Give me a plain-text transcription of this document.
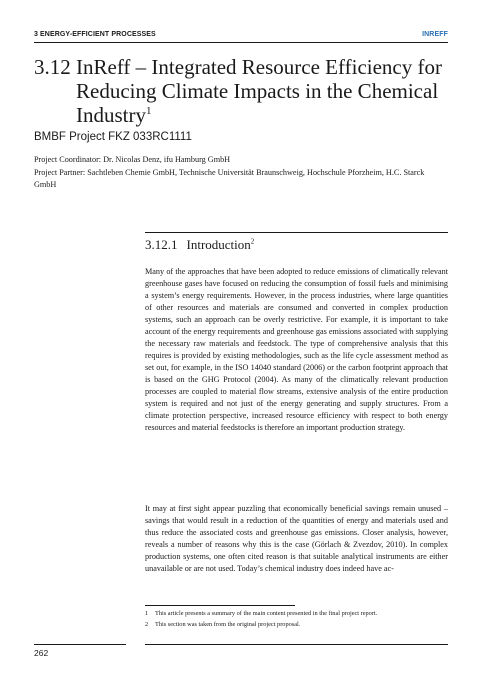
3 ENERGY-EFFICIENT PROCESSES	INREFF
3.12 InReff – Integrated Resource Efficiency for Reducing Climate Impacts in the Chemical Industry$^1$
BMBF Project FKZ 033RC1111
Project Coordinator: Dr. Nicolas Denz, ifu Hamburg GmbH
Project Partner: Sachtleben Chemie GmbH, Technische Universität Braunschweig, Hochschule Pforzheim, H.C. Starck GmbH
3.12.1 Introduction$^2$

Many of the approaches that have been adopted to reduce emissions of climatically relevant greenhouse gases have focused on reducing the consumption of fossil fuels and minimising a system’s energy requirements. However, in the process industries, where large quantities of other resources and materials are consumed and converted in complex production systems, such an approach can be overly restrictive. For example, it is important to take account of the energy requirements and greenhouse gas emissions associated with supplying the necessary raw materials and feedstock. The type of comprehensive analysis that this requires is provided by existing methodologies, such as the life cycle assessment method as set out, for example, in the ISO 14040 standard (2006) or the carbon footprint approach that is based on the GHG Protocol (2004). As many of the climatically relevant production processes are coupled to material flow streams, extensive analysis of the entire production system is required and not just of the energy generating and supply structures. From a climate protection perspective, increased resource efficiency with respect to both energy resources and material feedstocks is therefore an important production strategy.

It may at first sight appear puzzling that economically beneficial savings remain unused – savings that would result in a reduction of the quantities of energy and materials used and thus reduce the associated costs and greenhouse gas emissions. Closer analysis, however, reveals a number of reasons why this is the case (Görlach & Zvezdov, 2010). In complex production systems, one often cited reason is that suitable analytical instruments are either unavailable or are not used. Today’s chemical industry does indeed have ac-

1 This article presents a summary of the main content presented in the final project report.
2 This section was taken from the original project proposal.
262
